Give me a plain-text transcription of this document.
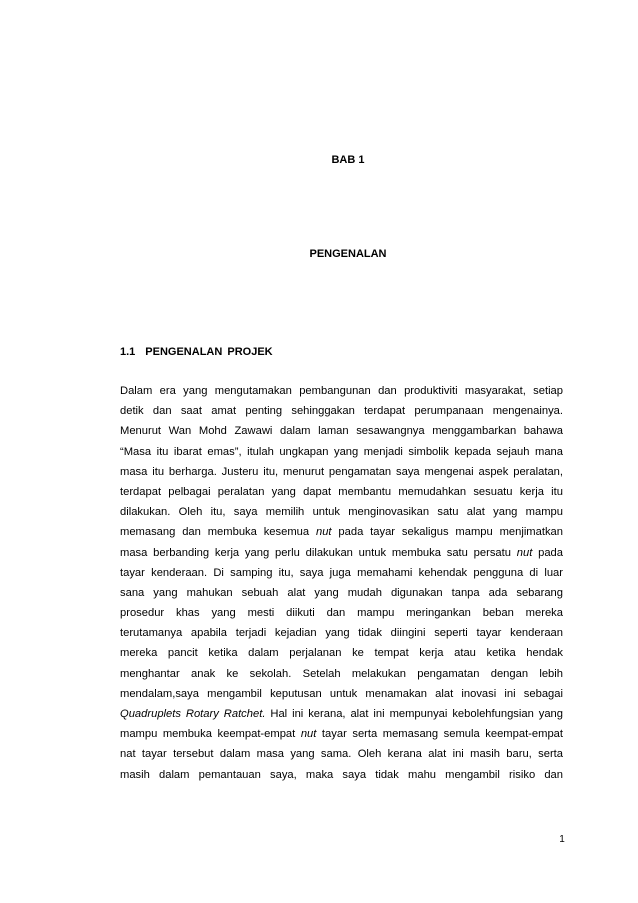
BAB 1
PENGENALAN
1.1 PENGENALAN PROJEK
Dalam era yang mengutamakan pembangunan dan produktiviti masyarakat, setiap
detik dan saat amat penting sehinggakan terdapat perumpanaan mengenainya.
Menurut Wan Mohd Zawawi dalam laman sesawangnya menggambarkan bahawa
“Masa itu ibarat emas”, itulah ungkapan yang menjadi simbolik kepada sejauh mana
masa itu berharga. Justeru itu, menurut pengamatan saya mengenai aspek peralatan,
terdapat pelbagai peralatan yang dapat membantu memudahkan sesuatu kerja itu
dilakukan. Oleh itu, saya memilih untuk menginovasikan satu alat yang mampu
memasang dan membuka kesemua nut pada tayar sekaligus mampu menjimatkan
masa berbanding kerja yang perlu dilakukan untuk membuka satu persatu nut pada
tayar kenderaan. Di samping itu, saya juga memahami kehendak pengguna di luar
sana yang mahukan sebuah alat yang mudah digunakan tanpa ada sebarang
prosedur khas yang mesti diikuti dan mampu meringankan beban mereka
terutamanya apabila terjadi kejadian yang tidak diingini seperti tayar kenderaan
mereka pancit ketika dalam perjalanan ke tempat kerja atau ketika hendak
menghantar anak ke sekolah. Setelah melakukan pengamatan dengan lebih
mendalam,saya mengambil keputusan untuk menamakan alat inovasi ini sebagai
Quadruplets Rotary Ratchet. Hal ini kerana, alat ini mempunyai kebolehfungsian yang
mampu membuka keempat-empat nut tayar serta memasang semula keempat-empat
nat tayar tersebut dalam masa yang sama. Oleh kerana alat ini masih baru, serta
masih dalam pemantauan saya, maka saya tidak mahu mengambil risiko dan
1
